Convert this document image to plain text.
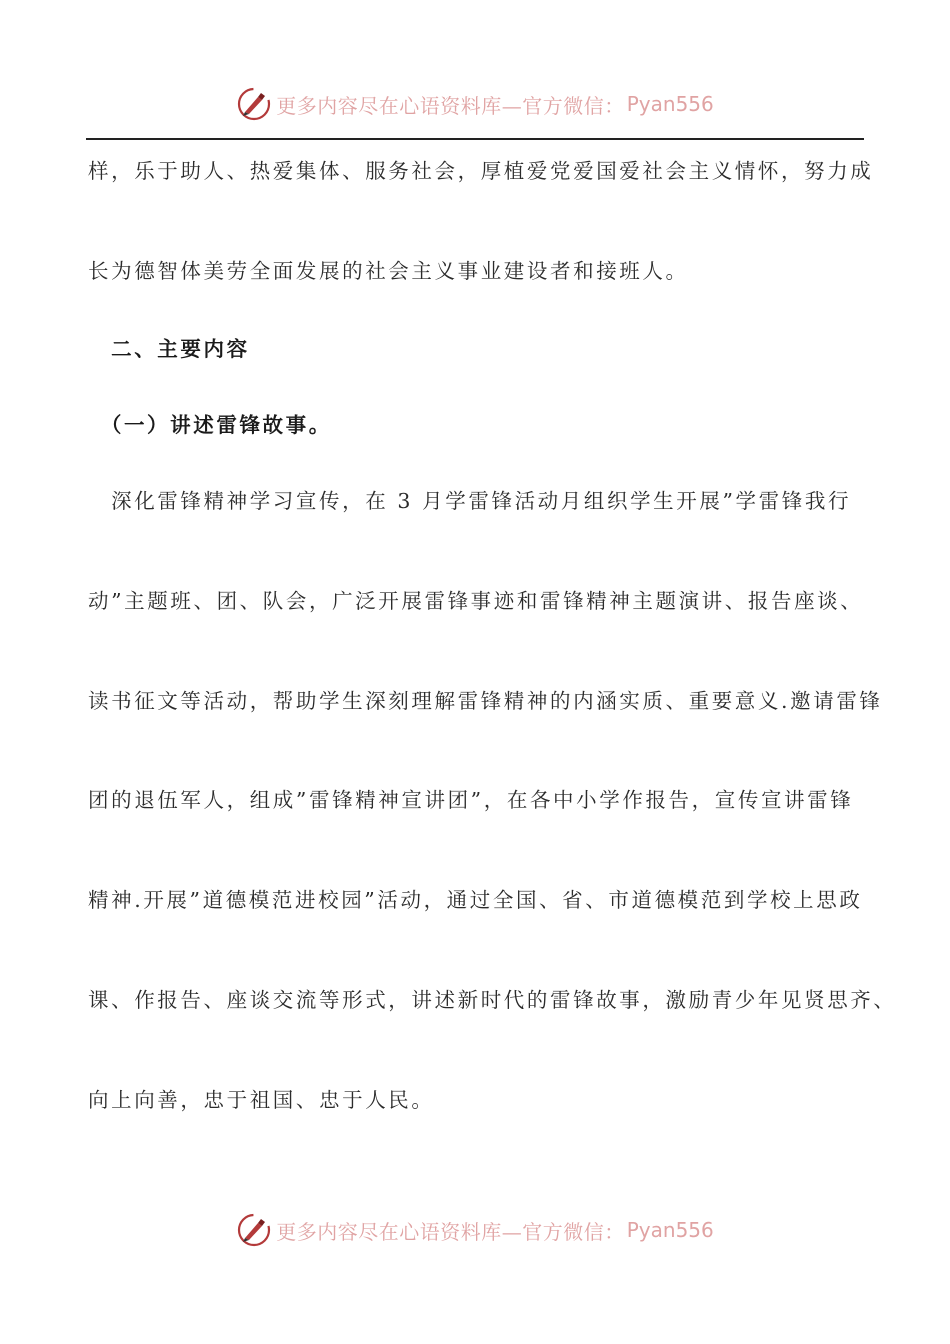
更多内容尽在心语资料库—官方微信： Pyan556
样，乐于助人、热爱集体、服务社会，厚植爱党爱国爱社会主义情怀，努力成
长为德智体美劳全面发展的社会主义事业建设者和接班人。
　二、主要内容
　（一）讲述雷锋故事。
　深化雷锋精神学习宣传，在 3 月学雷锋活动月组织学生开展”学雷锋我行
动”主题班、团、队会，广泛开展雷锋事迹和雷锋精神主题演讲、报告座谈、
读书征文等活动，帮助学生深刻理解雷锋精神的内涵实质、重要意义.邀请雷锋
团的退伍军人，组成”雷锋精神宣讲团”，在各中小学作报告，宣传宣讲雷锋
精神.开展”道德模范进校园”活动，通过全国、省、市道德模范到学校上思政
课、作报告、座谈交流等形式，讲述新时代的雷锋故事，激励青少年见贤思齐、
向上向善，忠于祖国、忠于人民。
更多内容尽在心语资料库—官方微信： Pyan556
